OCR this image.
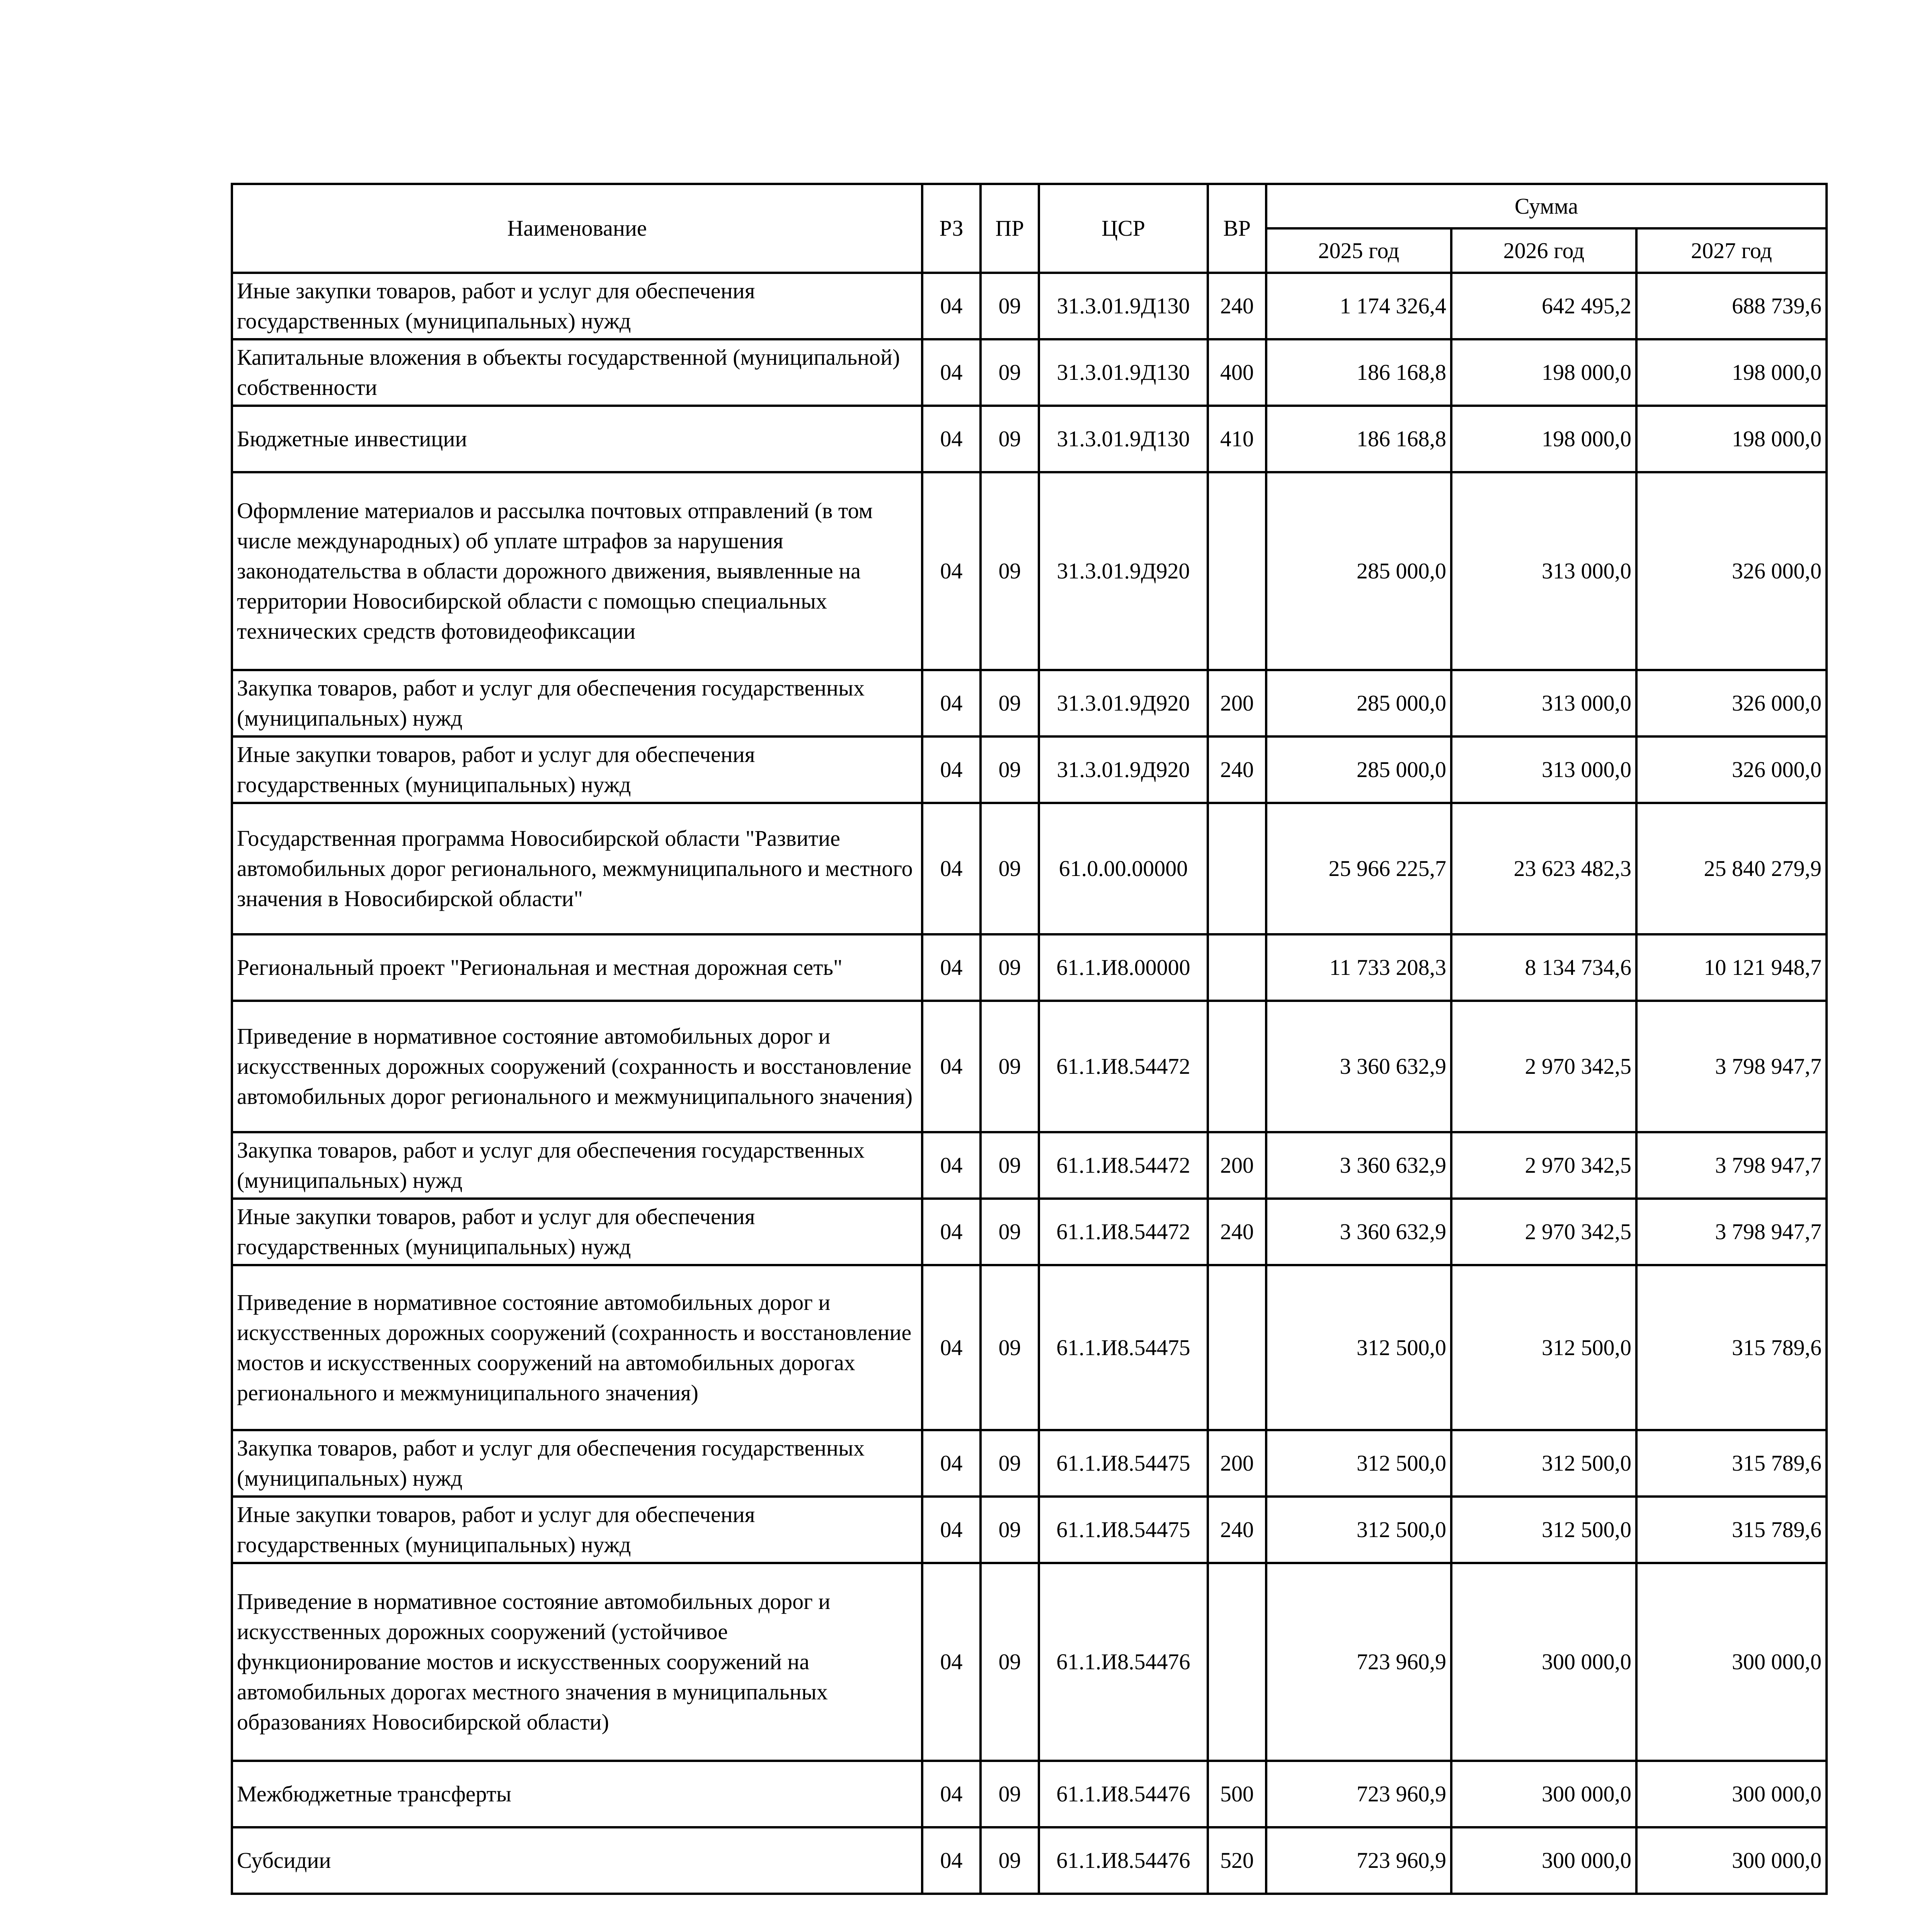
Наименование	РЗ	ПР	ЦСР	ВР	Сумма		
					2025 год	2026 год	2027 год
Иные закупки товаров, работ и услуг для обеспечения государственных (муниципальных) нужд	04	09	31.3.01.9Д130	240	1 174 326,4	642 495,2	688 739,6
Капитальные вложения в объекты государственной (муниципальной) собственности	04	09	31.3.01.9Д130	400	186 168,8	198 000,0	198 000,0
Бюджетные инвестиции	04	09	31.3.01.9Д130	410	186 168,8	198 000,0	198 000,0
Оформление материалов и рассылка почтовых отправлений (в том числе международных) об уплате штрафов за нарушения законодательства в области дорожного движения, выявленные на территории Новосибирской области с помощью специальных технических средств фотовидеофиксации	04	09	31.3.01.9Д920		285 000,0	313 000,0	326 000,0
Закупка товаров, работ и услуг для обеспечения государственных (муниципальных) нужд	04	09	31.3.01.9Д920	200	285 000,0	313 000,0	326 000,0
Иные закупки товаров, работ и услуг для обеспечения государственных (муниципальных) нужд	04	09	31.3.01.9Д920	240	285 000,0	313 000,0	326 000,0
Государственная программа Новосибирской области "Развитие автомобильных дорог регионального, межмуниципального и местного значения в Новосибирской области"	04	09	61.0.00.00000		25 966 225,7	23 623 482,3	25 840 279,9
Региональный проект "Региональная и местная дорожная сеть"	04	09	61.1.И8.00000		11 733 208,3	8 134 734,6	10 121 948,7
Приведение в нормативное состояние автомобильных дорог и искусственных дорожных сооружений (сохранность и восстановление автомобильных дорог регионального и межмуниципального значения)	04	09	61.1.И8.54472		3 360 632,9	2 970 342,5	3 798 947,7
Закупка товаров, работ и услуг для обеспечения государственных (муниципальных) нужд	04	09	61.1.И8.54472	200	3 360 632,9	2 970 342,5	3 798 947,7
Иные закупки товаров, работ и услуг для обеспечения государственных (муниципальных) нужд	04	09	61.1.И8.54472	240	3 360 632,9	2 970 342,5	3 798 947,7
Приведение в нормативное состояние автомобильных дорог и искусственных дорожных сооружений (сохранность и восстановление мостов и искусственных сооружений на автомобильных дорогах регионального и межмуниципального значения)	04	09	61.1.И8.54475		312 500,0	312 500,0	315 789,6
Закупка товаров, работ и услуг для обеспечения государственных (муниципальных) нужд	04	09	61.1.И8.54475	200	312 500,0	312 500,0	315 789,6
Иные закупки товаров, работ и услуг для обеспечения государственных (муниципальных) нужд	04	09	61.1.И8.54475	240	312 500,0	312 500,0	315 789,6
Приведение в нормативное состояние автомобильных дорог и искусственных дорожных сооружений (устойчивое функционирование мостов и искусственных сооружений на автомобильных дорогах местного значения в муниципальных образованиях Новосибирской области)	04	09	61.1.И8.54476		723 960,9	300 000,0	300 000,0
Межбюджетные трансферты	04	09	61.1.И8.54476	500	723 960,9	300 000,0	300 000,0
Субсидии	04	09	61.1.И8.54476	520	723 960,9	300 000,0	300 000,0
